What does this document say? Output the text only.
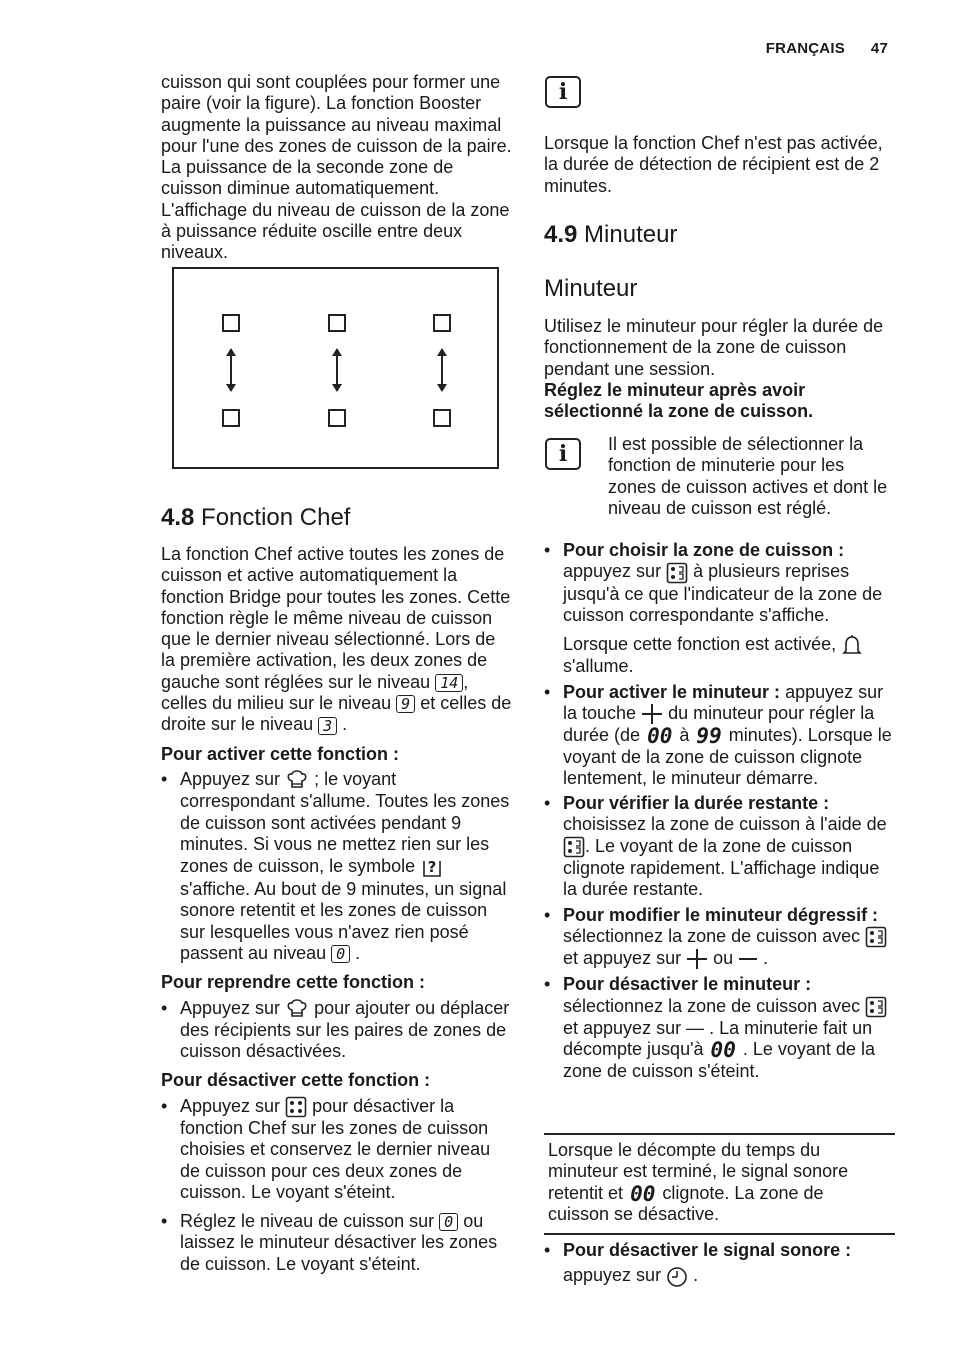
FRANÇAIS 47

cuisson qui sont couplées pour former une paire (voir la figure). La fonction Booster augmente la puissance au niveau maximal pour l'une des zones de cuisson de la paire. La puissance de la seconde zone de cuisson diminue automatiquement. L'affichage du niveau de cuisson de la zone à puissance réduite oscille entre deux niveaux.

4.8 Fonction Chef

La fonction Chef active toutes les zones de cuisson et active automatiquement la fonction Bridge pour toutes les zones. Cette fonction règle le même niveau de cuisson que le dernier niveau sélectionné. Lors de la première activation, les deux zones de gauche sont réglées sur le niveau 14 , celles du milieu sur le niveau 9 et celles de droite sur le niveau 3 .

Pour activer cette fonction :

• Appuyez sur ; le voyant correspondant s'allume. Toutes les zones de cuisson sont activées pendant 9 minutes. Si vous ne mettez rien sur les zones de cuisson, le symbole ?
s'affiche. Au bout de 9 minutes, un signal sonore retentit et les zones de cuisson sur lesquelles vous n'avez rien posé passent au niveau 0 .

Pour reprendre cette fonction :

• Appuyez sur pour ajouter ou déplacer des récipients sur les paires de zones de cuisson désactivées.

Pour désactiver cette fonction :

• Appuyez sur pour désactiver la fonction Chef sur les zones de cuisson choisies et conservez le dernier niveau de cuisson pour ces deux zones de cuisson. Le voyant s'éteint.
• Réglez le niveau de cuisson sur 0 ou laissez le minuteur désactiver les zones de cuisson. Le voyant s'éteint.
i

Lorsque la fonction Chef n'est pas activée, la durée de détection de récipient est de 2 minutes.

4.9 Minuteur
Minuteur

Utilisez le minuteur pour régler la durée de fonctionnement de la zone de cuisson pendant une session.

Réglez le minuteur après avoir sélectionné la zone de cuisson.

i	Il est possible de sélectionner la fonction de minuterie pour les zones de cuisson actives et dont le niveau de cuisson est réglé.

• Pour choisir la zone de cuisson : appuyez sur à plusieurs reprises jusqu'à ce que l'indicateur de la zone de cuisson correspondante s'affiche.

Lorsque cette fonction est activée,  s'allume.

• Pour activer le minuteur : appuyez sur la touche du minuteur pour régler la durée (de 00 à 99 minutes). Lorsque le voyant de la zone de cuisson clignote lentement, le minuteur démarre.
• Pour vérifier la durée restante : choisissez la zone de cuisson à l'aide de . Le voyant de la zone de cuisson clignote rapidement. L'affichage indique la durée restante.
• Pour modifier le minuteur dégressif : sélectionnez la zone de cuisson avec  et appuyez sur ou .
• Pour désactiver le minuteur : sélectionnez la zone de cuisson avec  et appuyez sur — . La minuterie fait un décompte jusqu'à 00 . Le voyant de la zone de cuisson s'éteint.

Lorsque le décompte du temps du minuteur est terminé, le signal sonore retentit et 00 clignote. La zone de cuisson se désactive.

• Pour désactiver le signal sonore :

appuyez sur .
